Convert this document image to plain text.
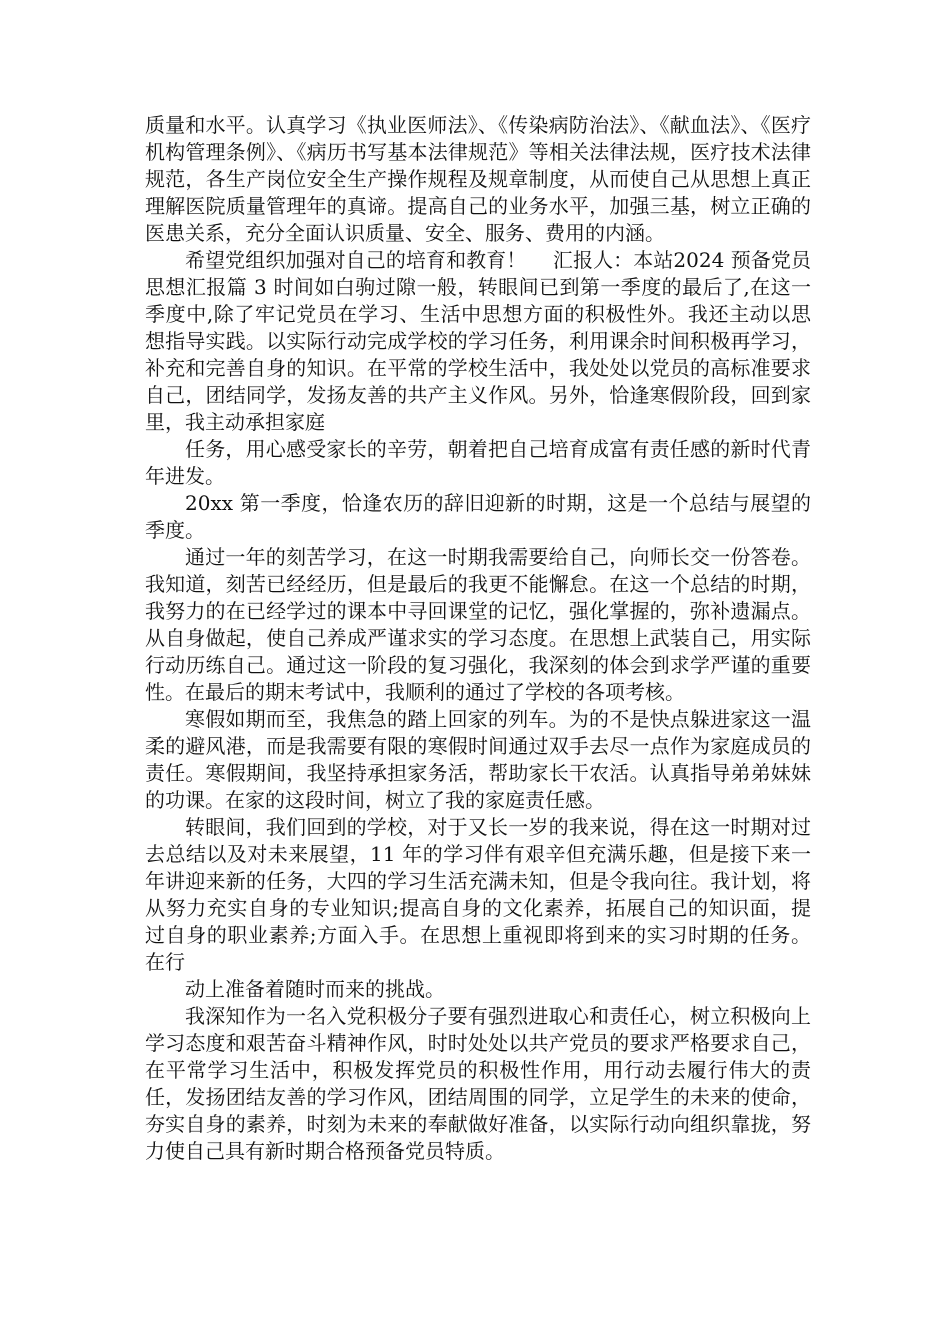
质量和水平。认真学习《执业医师法》、《传染病防治法》、《献血法》、《医疗机构管理条例》、《病历书写基本法律规范》等相关法律法规，医疗技术法律规范，各生产岗位安全生产操作规程及规章制度，从而使自己从思想上真正理解医院质量管理年的真谛。提高自己的业务水平，加强三基，树立正确的医患关系，充分全面认识质量、安全、服务、费用的内涵。

希望党组织加强对自己的培育和教育！　 汇报人：本站2024 预备党员思想汇报篇 3 时间如白驹过隙一般，转眼间已到第一季度的最后了,在这一季度中,除了牢记党员在学习、生活中思想方面的积极性外。我还主动以思想指导实践。以实际行动完成学校的学习任务，利用课余时间积极再学习，补充和完善自身的知识。在平常的学校生活中，我处处以党员的高标准要求自己，团结同学，发扬友善的共产主义作风。另外，恰逢寒假阶段，回到家里，我主动承担家庭

任务，用心感受家长的辛劳，朝着把自己培育成富有责任感的新时代青年进发。

20xx 第一季度，恰逢农历的辞旧迎新的时期，这是一个总结与展望的季度。

通过一年的刻苦学习，在这一时期我需要给自己，向师长交一份答卷。我知道，刻苦已经经历，但是最后的我更不能懈怠。在这一个总结的时期，我努力的在已经学过的课本中寻回课堂的记忆，强化掌握的，弥补遗漏点。从自身做起，使自己养成严谨求实的学习态度。在思想上武装自己，用实际行动历练自己。通过这一阶段的复习强化，我深刻的体会到求学严谨的重要性。在最后的期末考试中，我顺利的通过了学校的各项考核。

寒假如期而至，我焦急的踏上回家的列车。为的不是快点躲进家这一温柔的避风港，而是我需要有限的寒假时间通过双手去尽一点作为家庭成员的责任。寒假期间，我坚持承担家务活，帮助家长干农活。认真指导弟弟妹妹的功课。在家的这段时间，树立了我的家庭责任感。

转眼间，我们回到的学校，对于又长一岁的我来说，得在这一时期对过去总结以及对未来展望，11 年的学习伴有艰辛但充满乐趣，但是接下来一年讲迎来新的任务，大四的学习生活充满未知，但是令我向往。我计划，将从努力充实自身的专业知识;提高自身的文化素养，拓展自己的知识面，提过自身的职业素养;方面入手。在思想上重视即将到来的实习时期的任务。在行

动上准备着随时而来的挑战。

我深知作为一名入党积极分子要有强烈进取心和责任心，树立积极向上学习态度和艰苦奋斗精神作风，时时处处以共产党员的要求严格要求自己，在平常学习生活中，积极发挥党员的积极性作用，用行动去履行伟大的责任，发扬团结友善的学习作风，团结周围的同学，立足学生的未来的使命，夯实自身的素养，时刻为未来的奉献做好准备，以实际行动向组织靠拢，努力使自己具有新时期合格预备党员特质。
